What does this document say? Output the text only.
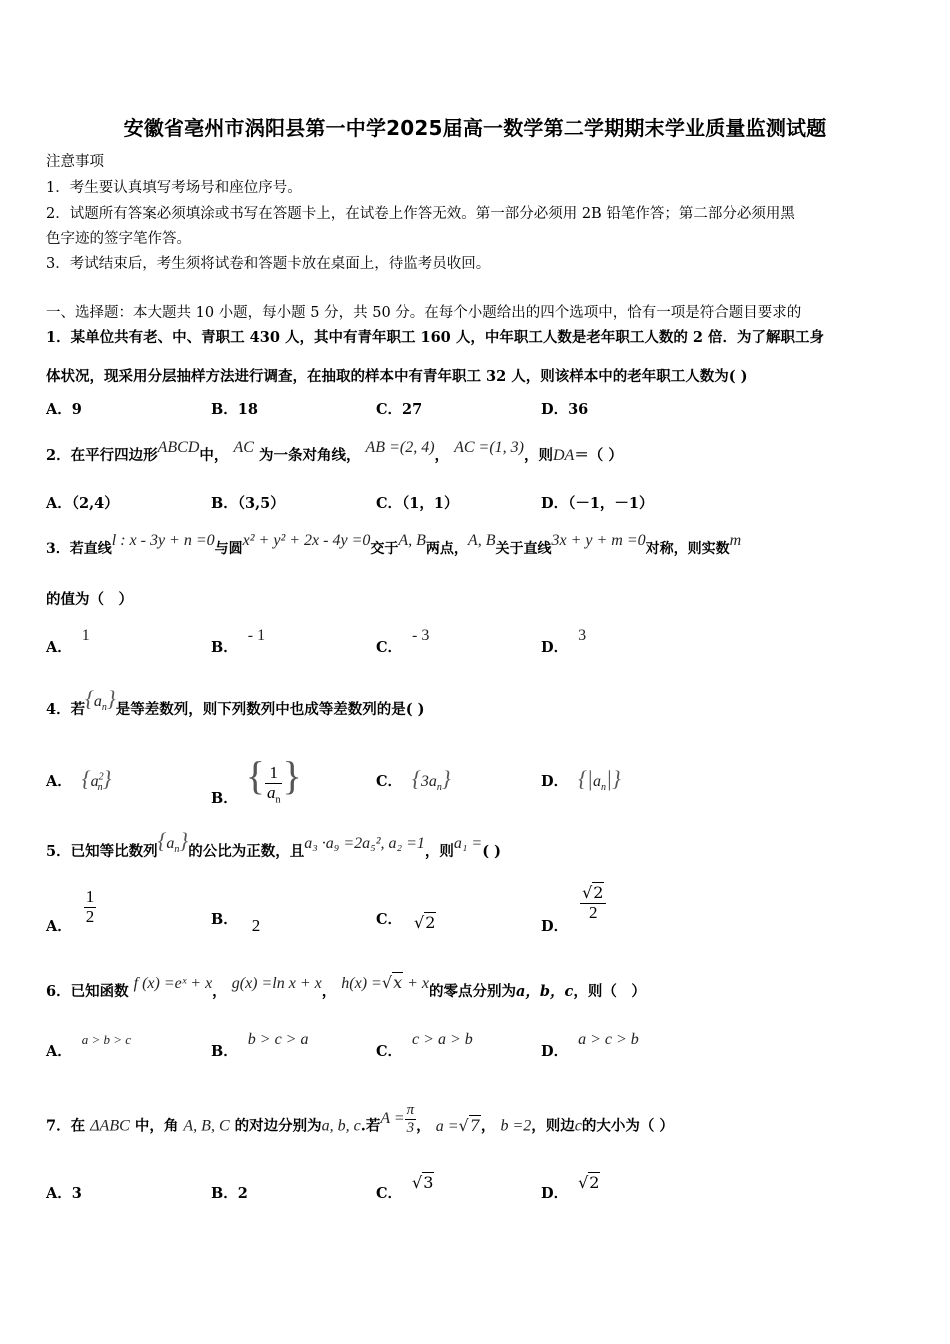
安徽省亳州市涡阳县第一中学2025届高一数学第二学期期末学业质量监测试题
注意事项
1．考生要认真填写考场号和座位序号。
2．试题所有答案必须填涂或书写在答题卡上，在试卷上作答无效。第一部分必须用 2B 铅笔作答；第二部分必须用黑
色字迹的签字笔作答。
3．考试结束后，考生须将试卷和答题卡放在桌面上，待监考员收回。
一、选择题：本大题共 10 小题，每小题 5 分，共 50 分。在每个小题给出的四个选项中，恰有一项是符合题目要求的
1．某单位共有老、中、青职工 430 人，其中有青年职工 160 人，中年职工人数是老年职工人数的 2 倍．为了解职工身
体状况，现采用分层抽样方法进行调查，在抽取的样本中有青年职工 32 人，则该样本中的老年职工人数为( )
A．9	B．18	C．27	D．36
2．在平行四边形ABCD中， AC 为一条对角线， AB =(2, 4)， AC =(1, 3)，则DA＝（ ）
A．（2,4）	B．（3,5）	C．（1，1）	D．（－1，－1）
3．若直线l : x - 3y + n =0与圆x² + y² + 2x - 4y =0交于A, B两点，A, B关于直线3x + y + m =0对称，则实数m
的值为（　）
A．1
B．- 1
C．- 3
D．3
4．若$\{a_n\}$是等差数列，则下列数列中也成等差数列的是( )
A． $\{a^2_n\}$
B．{ $\frac{1}{a_n}$ }	C． $\{3a_n\}$	D． $\{|a_n|\}$
5．已知等比数列$\{a_n\}$的公比为正数，且a₃ ·a₉ =2a₅², a₂ =1，则a₁ =( )
A．
$\frac{1}{2}$	B． 2	C． √2	D．
$\frac{√2}{2}$
6．已知函数 f (x) =eˣ + x， g(x) =ln x + x， h(x) =√x + x的零点分别为a，b，c，则（　）
A．a > b > c
B．b > c > a
C．c > a > b
D．a > c > b
7．在 ΔABC 中，角 A, B, C 的对边分别为a, b, c.若$A = \frac{\pi}{3}$ ， a =√7， b =2，则边c的大小为（ ）
A．3	B．2	C．√3
D．√2
